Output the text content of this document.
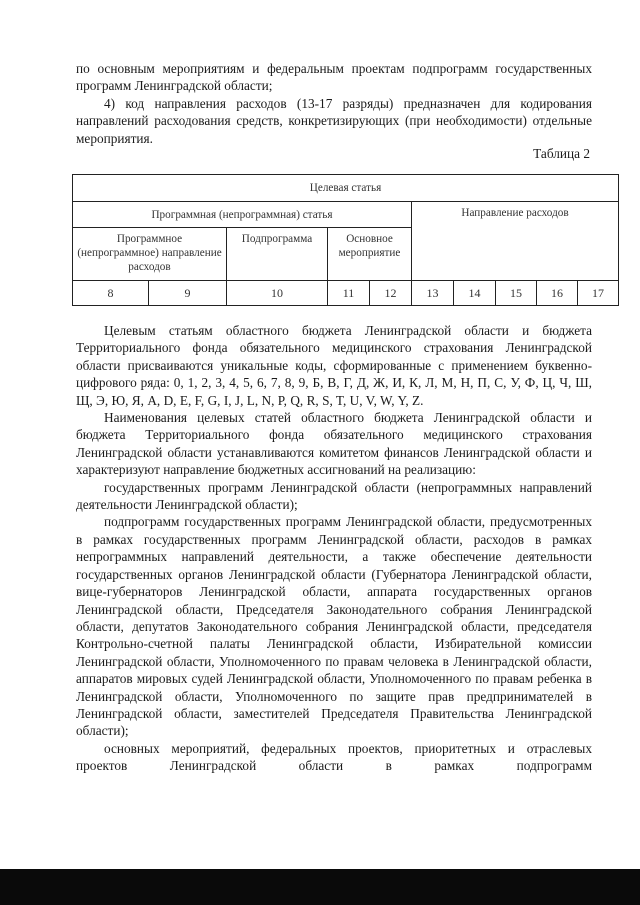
по основным мероприятиям и федеральным проектам подпрограмм государственных программ Ленинградской области;

4) код направления расходов (13-17 разряды) предназначен для кодирования направлений расходования средств, конкретизирующих (при необходимости) отдельные мероприятия.

Таблица 2
Целевая статья									
Программная (непрограммная) статья					Направление расходов				
Программное (непрограммное) направление расходов		Подпрограмма	Основное мероприятие						
8	9	10	11	12	13	14	15	16	17

Целевым статьям областного бюджета Ленинградской области и бюджета Территориального фонда обязательного медицинского страхования Ленинградской области присваиваются уникальные коды, сформированные с применением буквенно-цифрового ряда: 0, 1, 2, 3, 4, 5, 6, 7, 8, 9, Б, В, Г, Д, Ж, И, К, Л, М, Н, П, С, У, Ф, Ц, Ч, Ш, Щ, Э, Ю, Я, A, D, E, F, G, I, J, L, N, P, Q, R, S, T, U, V, W, Y, Z.

Наименования целевых статей областного бюджета Ленинградской области и бюджета Территориального фонда обязательного медицинского страхования Ленинградской области устанавливаются комитетом финансов Ленинградской области и характеризуют направление бюджетных ассигнований на реализацию:

государственных программ Ленинградской области (непрограммных направлений деятельности Ленинградской области);

подпрограмм государственных программ Ленинградской области, предусмотренных в рамках государственных программ Ленинградской области, расходов в рамках непрограммных направлений деятельности, а также обеспечение деятельности государственных органов Ленинградской области (Губернатора Ленинградской области, вице-губернаторов Ленинградской области, аппарата государственных органов Ленинградской области, Председателя Законодательного собрания Ленинградской области, депутатов Законодательного собрания Ленинградской области, председателя Контрольно-счетной палаты Ленинградской области, Избирательной комиссии Ленинградской области, Уполномоченного по правам человека в Ленинградской области, аппаратов мировых судей Ленинградской области, Уполномоченного по правам ребенка в Ленинградской области, Уполномоченного по защите прав предпринимателей в Ленинградской области, заместителей Председателя Правительства Ленинградской области);

основных мероприятий, федеральных проектов, приоритетных и отраслевых проектов Ленинградской области в рамках подпрограмм
